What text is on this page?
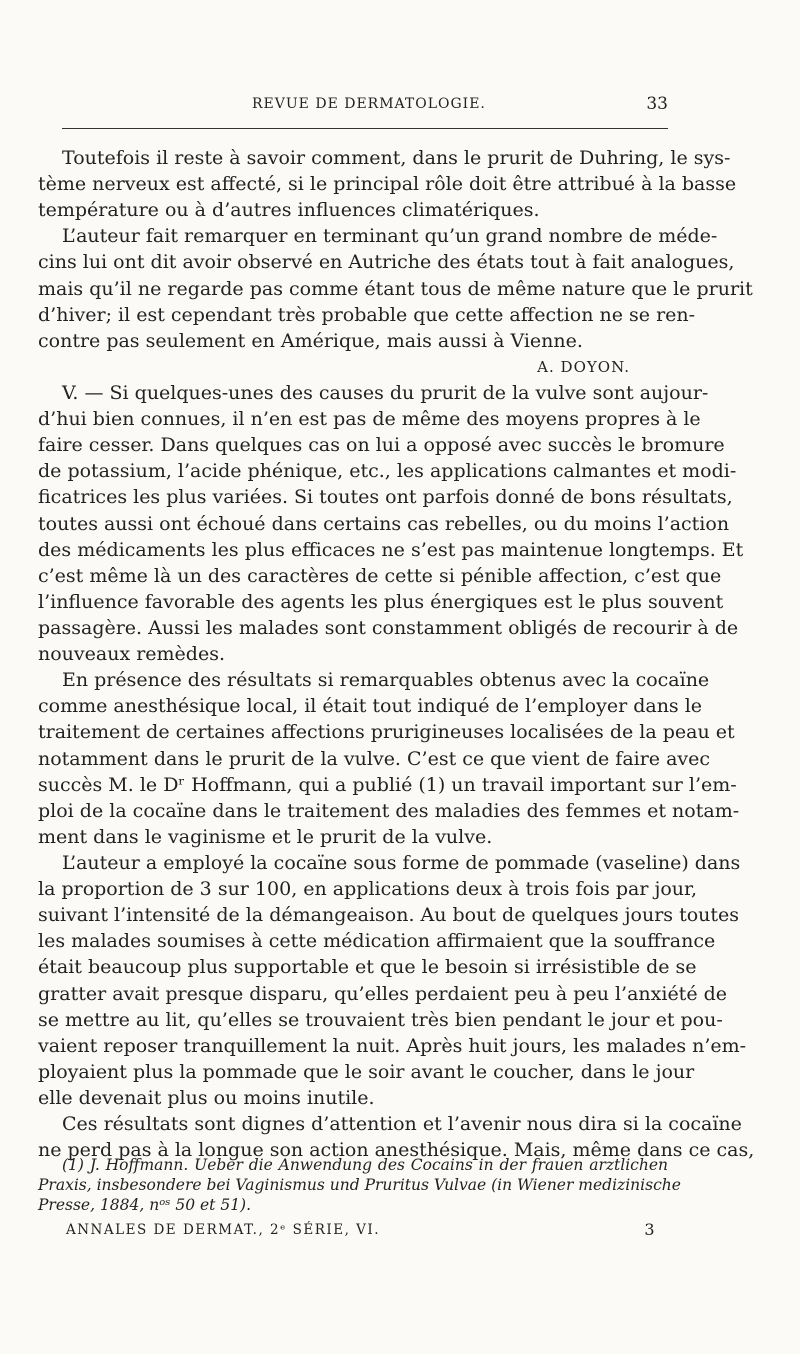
REVUE DE DERMATOLOGIE.	33
Toutefois il reste à savoir comment, dans le prurit de Duhring, le sys-
tème nerveux est affecté, si le principal rôle doit être attribué à la basse
température ou à d’autres influences climatériques.
L’auteur fait remarquer en terminant qu’un grand nombre de méde-
cins lui ont dit avoir observé en Autriche des états tout à fait analogues,
mais qu’il ne regarde pas comme étant tous de même nature que le prurit
d’hiver; il est cependant très probable que cette affection ne se ren-
contre pas seulement en Amérique, mais aussi à Vienne.
A. DOYON.
V. — Si quelques-unes des causes du prurit de la vulve sont aujour-
d’hui bien connues, il n’en est pas de même des moyens propres à le
faire cesser. Dans quelques cas on lui a opposé avec succès le bromure
de potassium, l’acide phénique, etc., les applications calmantes et modi-
ficatrices les plus variées. Si toutes ont parfois donné de bons résultats,
toutes aussi ont échoué dans certains cas rebelles, ou du moins l’action
des médicaments les plus efficaces ne s’est pas maintenue longtemps. Et
c’est même là un des caractères de cette si pénible affection, c’est que
l’influence favorable des agents les plus énergiques est le plus souvent
passagère. Aussi les malades sont constamment obligés de recourir à de
nouveaux remèdes.
En présence des résultats si remarquables obtenus avec la cocaïne
comme anesthésique local, il était tout indiqué de l’employer dans le
traitement de certaines affections prurigineuses localisées de la peau et
notamment dans le prurit de la vulve. C’est ce que vient de faire avec
succès M. le Dʳ Hoffmann, qui a publié (1) un travail important sur l’em-
ploi de la cocaïne dans le traitement des maladies des femmes et notam-
ment dans le vaginisme et le prurit de la vulve.
L’auteur a employé la cocaïne sous forme de pommade (vaseline) dans
la proportion de 3 sur 100, en applications deux à trois fois par jour,
suivant l’intensité de la démangeaison. Au bout de quelques jours toutes
les malades soumises à cette médication affirmaient que la souffrance
était beaucoup plus supportable et que le besoin si irrésistible de se
gratter avait presque disparu, qu’elles perdaient peu à peu l’anxiété de
se mettre au lit, qu’elles se trouvaient très bien pendant le jour et pou-
vaient reposer tranquillement la nuit. Après huit jours, les malades n’em-
ployaient plus la pommade que le soir avant le coucher, dans le jour
elle devenait plus ou moins inutile.
Ces résultats sont dignes d’attention et l’avenir nous dira si la cocaïne
ne perd pas à la longue son action anesthésique. Mais, même dans ce cas,
(1) J. Hoffmann. Ueber die Anwendung des Cocains in der frauen arztlichen
Praxis, insbesondere bei Vaginismus und Pruritus Vulvae (in Wiener medizinische
Presse, 1884, nᵒˢ 50 et 51).
ANNALES DE DERMAT., 2ᵉ SÉRIE, VI.	3
